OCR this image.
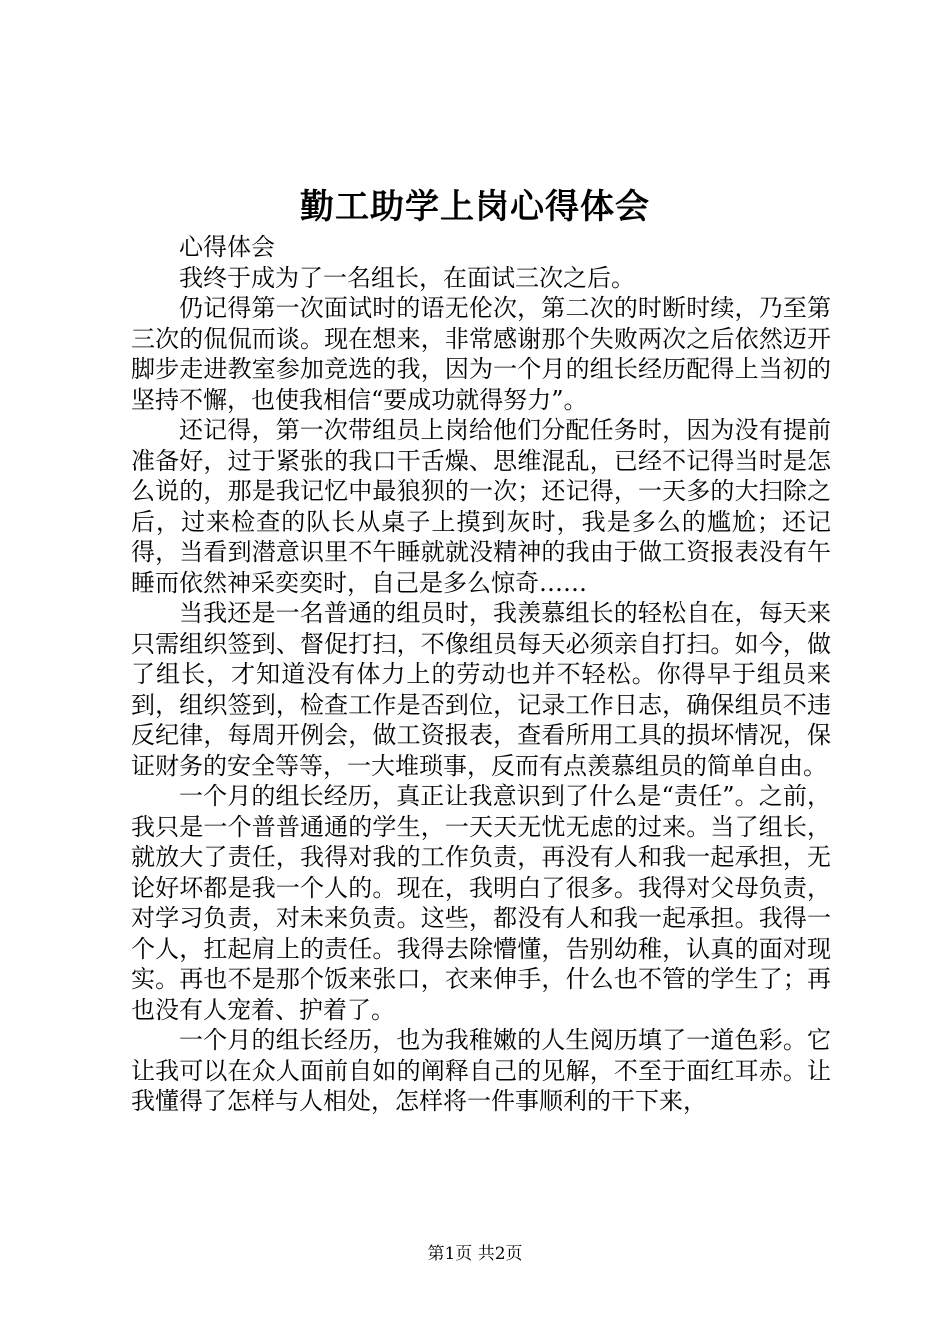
勤工助学上岗心得体会

心得体会

我终于成为了一名组长，在面试三次之后。

仍记得第一次面试时的语无伦次，第二次的时断时续，乃至第三次的侃侃而谈。现在想来，非常感谢那个失败两次之后依然迈开脚步走进教室参加竞选的我，因为一个月的组长经历配得上当初的坚持不懈，也使我相信“要成功就得努力”。

还记得，第一次带组员上岗给他们分配任务时，因为没有提前准备好，过于紧张的我口干舌燥、思维混乱，已经不记得当时是怎么说的，那是我记忆中最狼狈的一次；还记得，一天多的大扫除之后，过来检查的队长从桌子上摸到灰时，我是多么的尴尬；还记得，当看到潜意识里不午睡就就没精神的我由于做工资报表没有午睡而依然神采奕奕时，自己是多么惊奇……

当我还是一名普通的组员时，我羡慕组长的轻松自在，每天来只需组织签到、督促打扫，不像组员每天必须亲自打扫。如今，做了组长，才知道没有体力上的劳动也并不轻松。你得早于组员来到，组织签到，检查工作是否到位，记录工作日志，确保组员不违反纪律，每周开例会，做工资报表，查看所用工具的损坏情况，保证财务的安全等等，一大堆琐事，反而有点羡慕组员的简单自由。

一个月的组长经历，真正让我意识到了什么是“责任”。之前，我只是一个普普通通的学生，一天天无忧无虑的过来。当了组长，就放大了责任，我得对我的工作负责，再没有人和我一起承担，无论好坏都是我一个人的。现在，我明白了很多。我得对父母负责，对学习负责，对未来负责。这些，都没有人和我一起承担。我得一个人，扛起肩上的责任。我得去除懵懂，告别幼稚，认真的面对现实。再也不是那个饭来张口，衣来伸手，什么也不管的学生了；再也没有人宠着、护着了。

一个月的组长经历，也为我稚嫩的人生阅历填了一道色彩。它让我可以在众人面前自如的阐释自己的见解，不至于面红耳赤。让我懂得了怎样与人相处，怎样将一件事顺利的干下来，

第1页 共2页
